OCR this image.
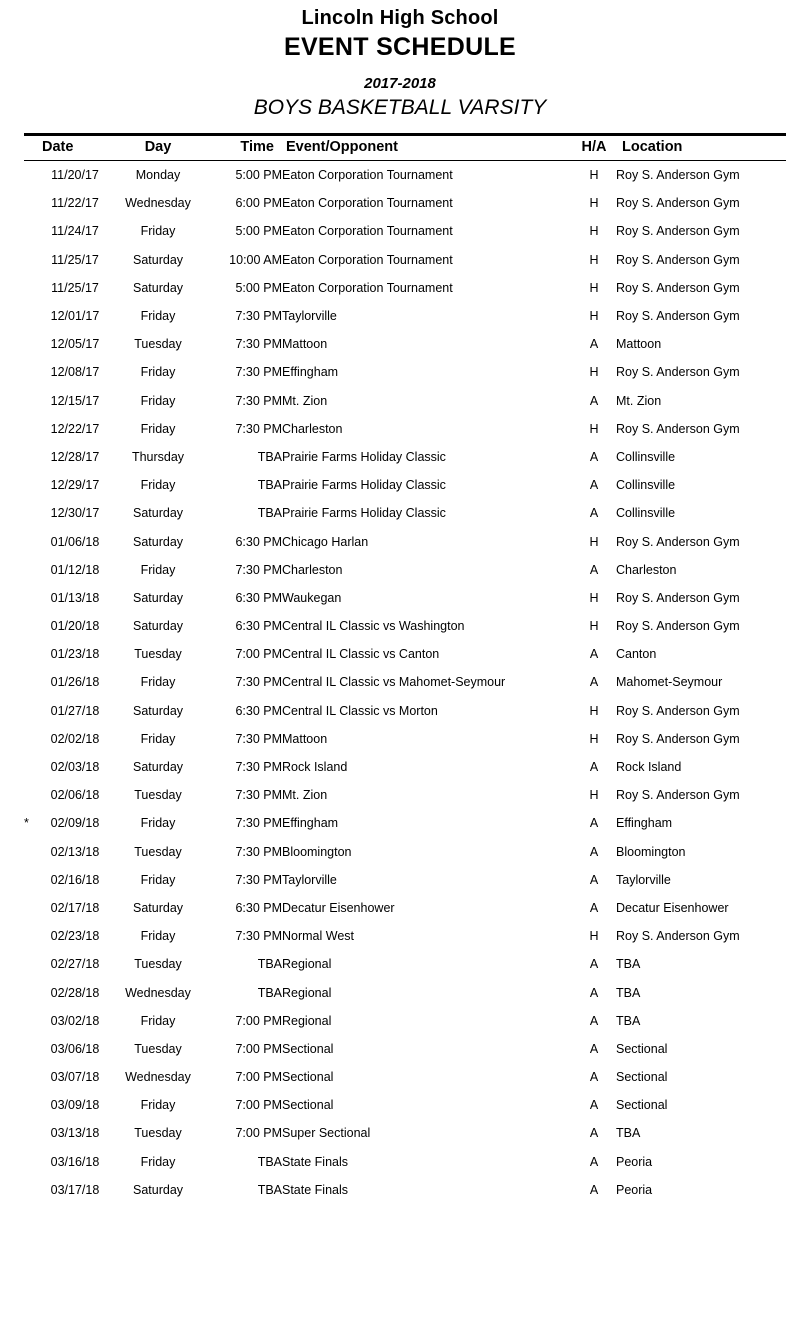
Lincoln High School
EVENT SCHEDULE
2017-2018
BOYS BASKETBALL VARSITY
	Date	Day	Time	Event/Opponent	H/A	Location
	11/20/17	Monday	5:00 PM	Eaton Corporation Tournament	H	Roy S. Anderson Gym
	11/22/17	Wednesday	6:00 PM	Eaton Corporation Tournament	H	Roy S. Anderson Gym
	11/24/17	Friday	5:00 PM	Eaton Corporation Tournament	H	Roy S. Anderson Gym
	11/25/17	Saturday	10:00 AM	Eaton Corporation Tournament	H	Roy S. Anderson Gym
	11/25/17	Saturday	5:00 PM	Eaton Corporation Tournament	H	Roy S. Anderson Gym
	12/01/17	Friday	7:30 PM	Taylorville	H	Roy S. Anderson Gym
	12/05/17	Tuesday	7:30 PM	Mattoon	A	Mattoon
	12/08/17	Friday	7:30 PM	Effingham	H	Roy S. Anderson Gym
	12/15/17	Friday	7:30 PM	Mt. Zion	A	Mt. Zion
	12/22/17	Friday	7:30 PM	Charleston	H	Roy S. Anderson Gym
	12/28/17	Thursday	TBA	Prairie Farms Holiday Classic	A	Collinsville
	12/29/17	Friday	TBA	Prairie Farms Holiday Classic	A	Collinsville
	12/30/17	Saturday	TBA	Prairie Farms Holiday Classic	A	Collinsville
	01/06/18	Saturday	6:30 PM	Chicago Harlan	H	Roy S. Anderson Gym
	01/12/18	Friday	7:30 PM	Charleston	A	Charleston
	01/13/18	Saturday	6:30 PM	Waukegan	H	Roy S. Anderson Gym
	01/20/18	Saturday	6:30 PM	Central IL Classic vs Washington	H	Roy S. Anderson Gym
	01/23/18	Tuesday	7:00 PM	Central IL Classic vs Canton	A	Canton
	01/26/18	Friday	7:30 PM	Central IL Classic vs Mahomet-Seymour	A	Mahomet-Seymour
	01/27/18	Saturday	6:30 PM	Central IL Classic vs Morton	H	Roy S. Anderson Gym
	02/02/18	Friday	7:30 PM	Mattoon	H	Roy S. Anderson Gym
	02/03/18	Saturday	7:30 PM	Rock Island	A	Rock Island
	02/06/18	Tuesday	7:30 PM	Mt. Zion	H	Roy S. Anderson Gym
*	02/09/18	Friday	7:30 PM	Effingham	A	Effingham
	02/13/18	Tuesday	7:30 PM	Bloomington	A	Bloomington
	02/16/18	Friday	7:30 PM	Taylorville	A	Taylorville
	02/17/18	Saturday	6:30 PM	Decatur Eisenhower	A	Decatur Eisenhower
	02/23/18	Friday	7:30 PM	Normal West	H	Roy S. Anderson Gym
	02/27/18	Tuesday	TBA	Regional	A	TBA
	02/28/18	Wednesday	TBA	Regional	A	TBA
	03/02/18	Friday	7:00 PM	Regional	A	TBA
	03/06/18	Tuesday	7:00 PM	Sectional	A	Sectional
	03/07/18	Wednesday	7:00 PM	Sectional	A	Sectional
	03/09/18	Friday	7:00 PM	Sectional	A	Sectional
	03/13/18	Tuesday	7:00 PM	Super Sectional	A	TBA
	03/16/18	Friday	TBA	State Finals	A	Peoria
	03/17/18	Saturday	TBA	State Finals	A	Peoria
